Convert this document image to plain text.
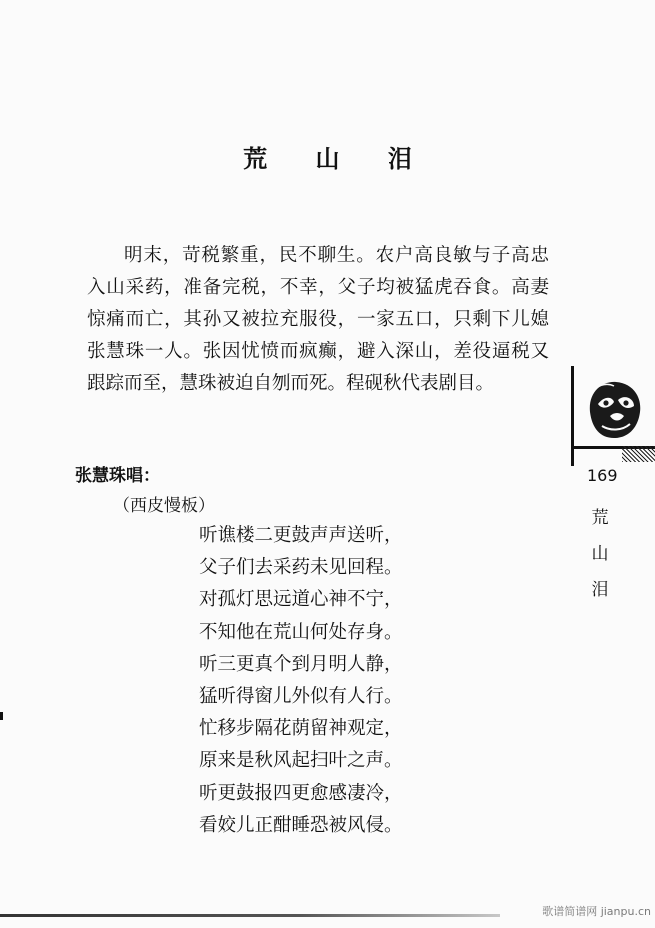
荒 山 泪

明末，苛税繁重，民不聊生。农户高良敏与子高忠入山采药，准备完税，不幸，父子均被猛虎吞食。高妻惊痛而亡，其孙又被拉充服役，一家五口，只剩下儿媳张慧珠一人。张因忧愤而疯癫，避入深山，差役逼税又跟踪而至，慧珠被迫自刎而死。程砚秋代表剧目。

张慧珠唱：
（西皮慢板）
听谯楼二更鼓声声送听，
父子们去采药未见回程。
对孤灯思远道心神不宁，
不知他在荒山何处存身。
听三更真个到月明人静，
猛听得窗儿外似有人行。
忙移步隔花荫留神观定，
原来是秋风起扫叶之声。
听更鼓报四更愈感凄冷，
看姣儿正酣睡恐被风侵。
169
荒
山
泪
歌谱简谱网 jianpu.cn
